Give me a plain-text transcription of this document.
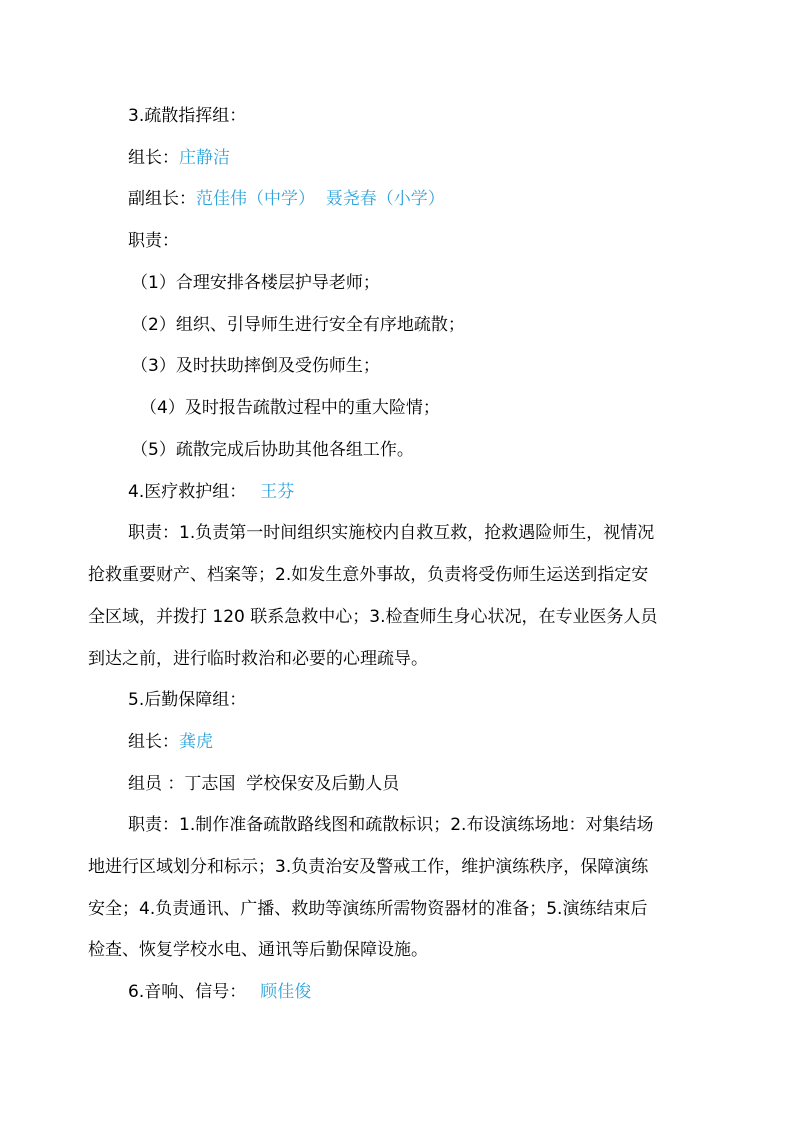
3.疏散指挥组：
组长：庄静洁
副组长：范佳伟（中学）  聂尧春（小学）
职责：
（1）合理安排各楼层护导老师；
（2）组织、引导师生进行安全有序地疏散；
（3）及时扶助摔倒及受伤师生；
（4）及时报告疏散过程中的重大险情；
（5）疏散完成后协助其他各组工作。
4.医疗救护组： 王芬
职责：1.负责第一时间组织实施校内自救互救，抢救遇险师生，视情况
抢救重要财产、档案等；2.如发生意外事故，负责将受伤师生运送到指定安
全区域，并拨打 120 联系急救中心；3.检查师生身心状况，在专业医务人员
到达之前，进行临时救治和必要的心理疏导。
5.后勤保障组：
组长：龚虎
组员 ：丁志国  学校保安及后勤人员
职责：1.制作准备疏散路线图和疏散标识；2.布设演练场地：对集结场
地进行区域划分和标示；3.负责治安及警戒工作，维护演练秩序，保障演练
安全；4.负责通讯、广播、救助等演练所需物资器材的准备；5.演练结束后
检查、恢复学校水电、通讯等后勤保障设施。
6.音响、信号： 顾佳俊
